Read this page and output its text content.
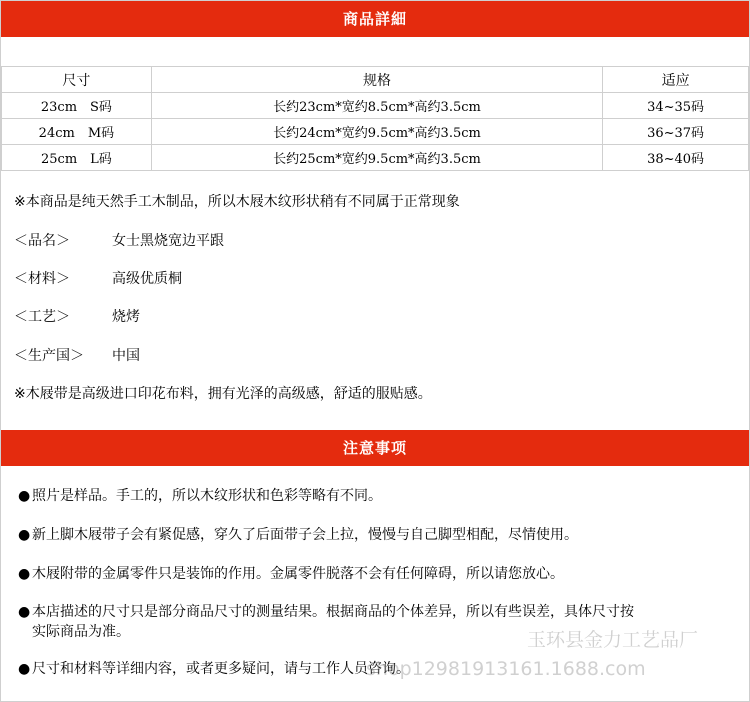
商品詳細
尺寸	规格	适应
23cm　S码	长约23cm*宽约8.5cm*高约3.5cm	34~35码
24cm　M码	长约24cm*宽约9.5cm*高约3.5cm	36~37码
25cm　L码	长约25cm*宽约9.5cm*高约3.5cm	38~40码
※本商品是纯天然手工木制品，所以木屐木纹形状稍有不同属于正常现象
＜品名＞	女士黑烧宽边平跟
＜材料＞	高级优质桐
＜工艺＞	烧烤
＜生产国＞ 中国
※木屐带是高级进口印花布料，拥有光泽的高级感，舒适的服贴感。
注意事项
● 照片是样品。手工的，所以木纹形状和色彩等略有不同。
● 新上脚木屐带子会有紧促感，穿久了后面带子会上拉，慢慢与自己脚型相配，尽情使用。
● 木屐附带的金属零件只是装饰的作用。金属零件脱落不会有任何障碍，所以请您放心。
● 本店描述的尺寸只是部分商品尺寸的测量结果。根据商品的个体差异，所以有些误差，具体尺寸按
实际商品为准。
● 尺寸和材料等详细内容，或者更多疑问，请与工作人员咨询。
玉环县金力工艺品厂
shop12981913161.1688.com
